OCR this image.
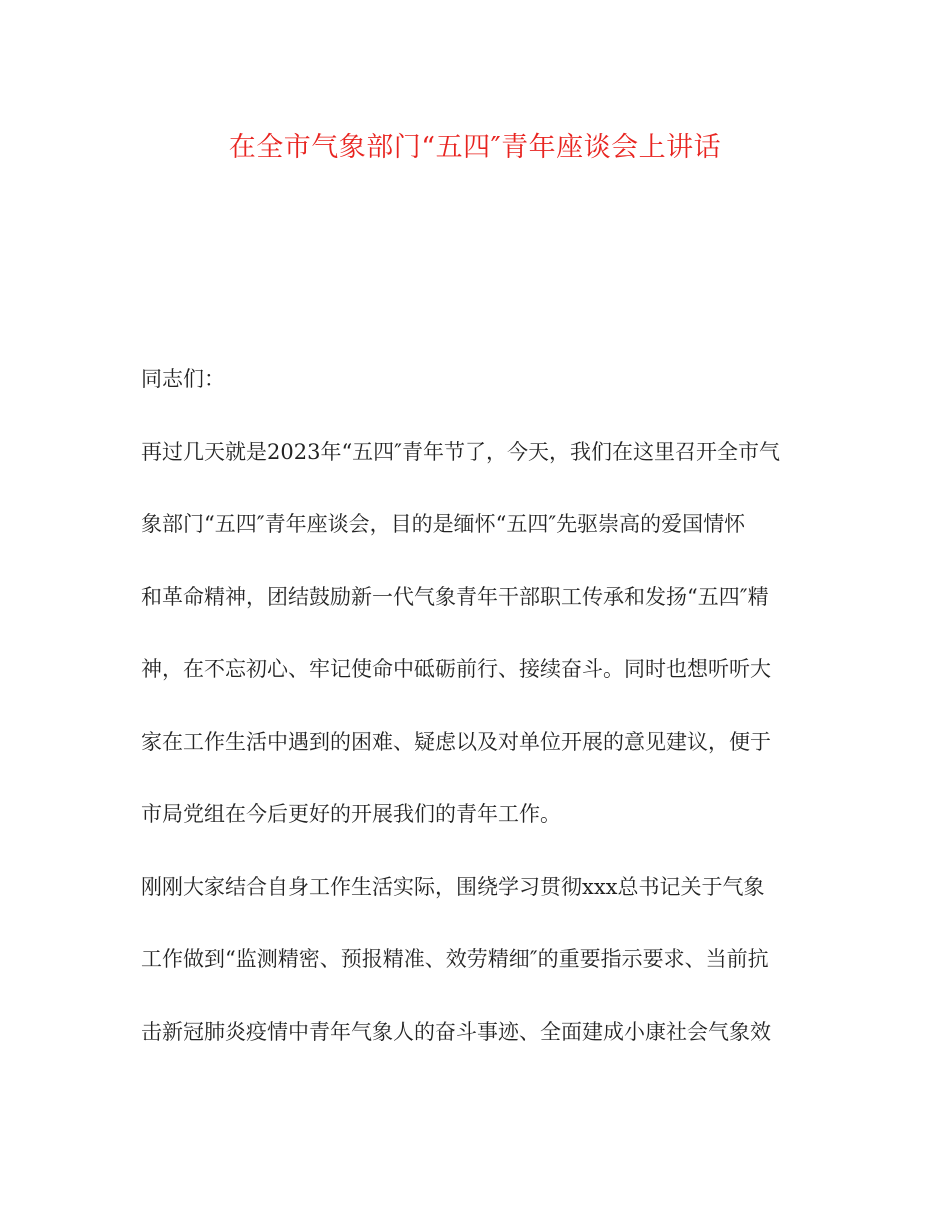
在全市气象部门“五四″青年座谈会上讲话
同志们：
再过几天就是2023年“五四″青年节了，今天，我们在这里召开全市气
象部门“五四″青年座谈会，目的是缅怀“五四″先驱崇高的爱国情怀
和革命精神，团结鼓励新一代气象青年干部职工传承和发扬“五四″精
神，在不忘初心、牢记使命中砥砺前行、接续奋斗。同时也想听听大
家在工作生活中遇到的困难、疑虑以及对单位开展的意见建议，便于
市局党组在今后更好的开展我们的青年工作。
刚刚大家结合自身工作生活实际，围绕学习贯彻xxx总书记关于气象
工作做到“监测精密、预报精准、效劳精细″的重要指示要求、当前抗
击新冠肺炎疫情中青年气象人的奋斗事迹、全面建成小康社会气象效
